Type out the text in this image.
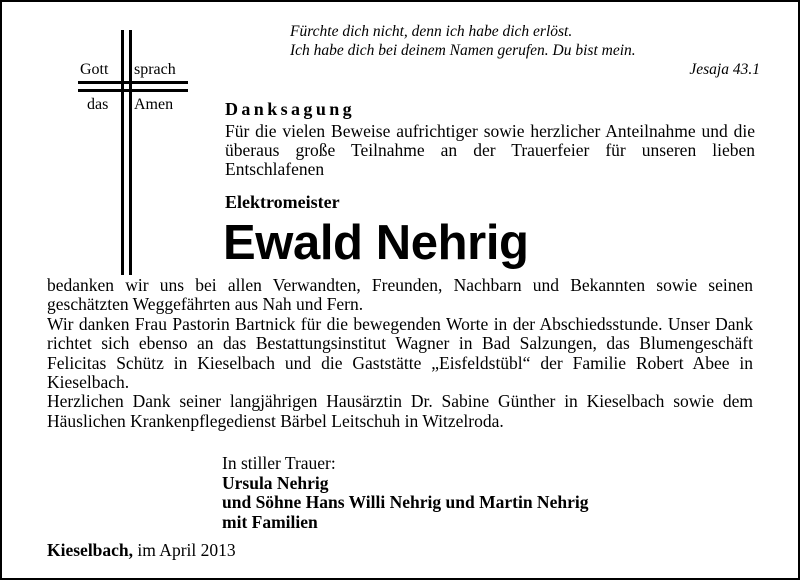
Gott sprach
das Amen
Fürchte dich nicht, denn ich habe dich erlöst.
Ich habe dich bei deinem Namen gerufen. Du bist mein.
Jesaja 43.1
Danksagung
Für die vielen Beweise aufrichtiger sowie herzlicher Anteilnahme und die überaus große Teilnahme an der Trauerfeier für unseren lieben Entschlafenen
Elektromeister
Ewald Nehrig

bedanken wir uns bei allen Verwandten, Freunden, Nachbarn und Bekannten sowie seinen geschätzten Weggefährten aus Nah und Fern.

Wir danken Frau Pastorin Bartnick für die bewegenden Worte in der Abschiedsstunde. Unser Dank richtet sich ebenso an das Bestattungsinstitut Wagner in Bad Salzungen, das Blumengeschäft Felicitas Schütz in Kieselbach und die Gaststätte „Eisfeldstübl“ der Familie Robert Abee in Kieselbach.

Herzlichen Dank seiner langjährigen Hausärztin Dr. Sabine Günther in Kieselbach sowie dem Häuslichen Krankenpflegedienst Bärbel Leitschuh in Witzelroda.

In stiller Trauer:
Ursula Nehrig
und Söhne Hans Willi Nehrig und Martin Nehrig
mit Familien
Kieselbach, im April 2013
